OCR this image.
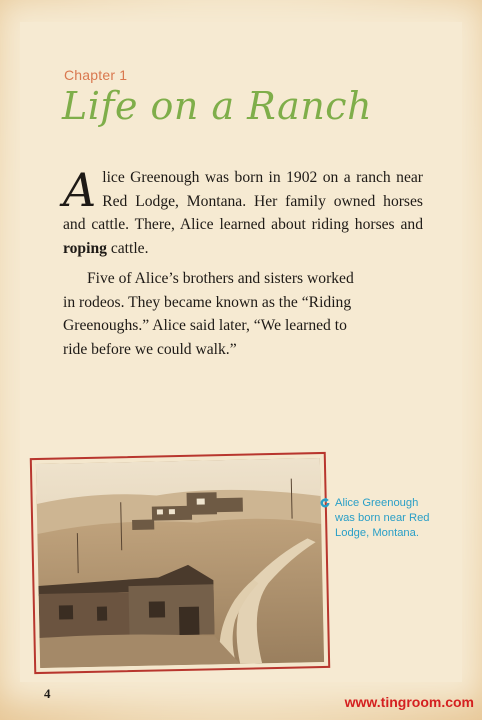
Chapter 1
Life on a Ranch
Alice Greenough was born in 1902 on a ranch near Red Lodge, Montana. Her family owned horses and cattle. There, Alice learned about riding horses and roping cattle.
Five of Alice’s brothers and sisters worked in rodeos. They became known as the “Riding Greenoughs.” Alice said later, “We learned to ride before we could walk.”
Alice Greenough was born near Red Lodge, Montana.
4
www.tingroom.com
